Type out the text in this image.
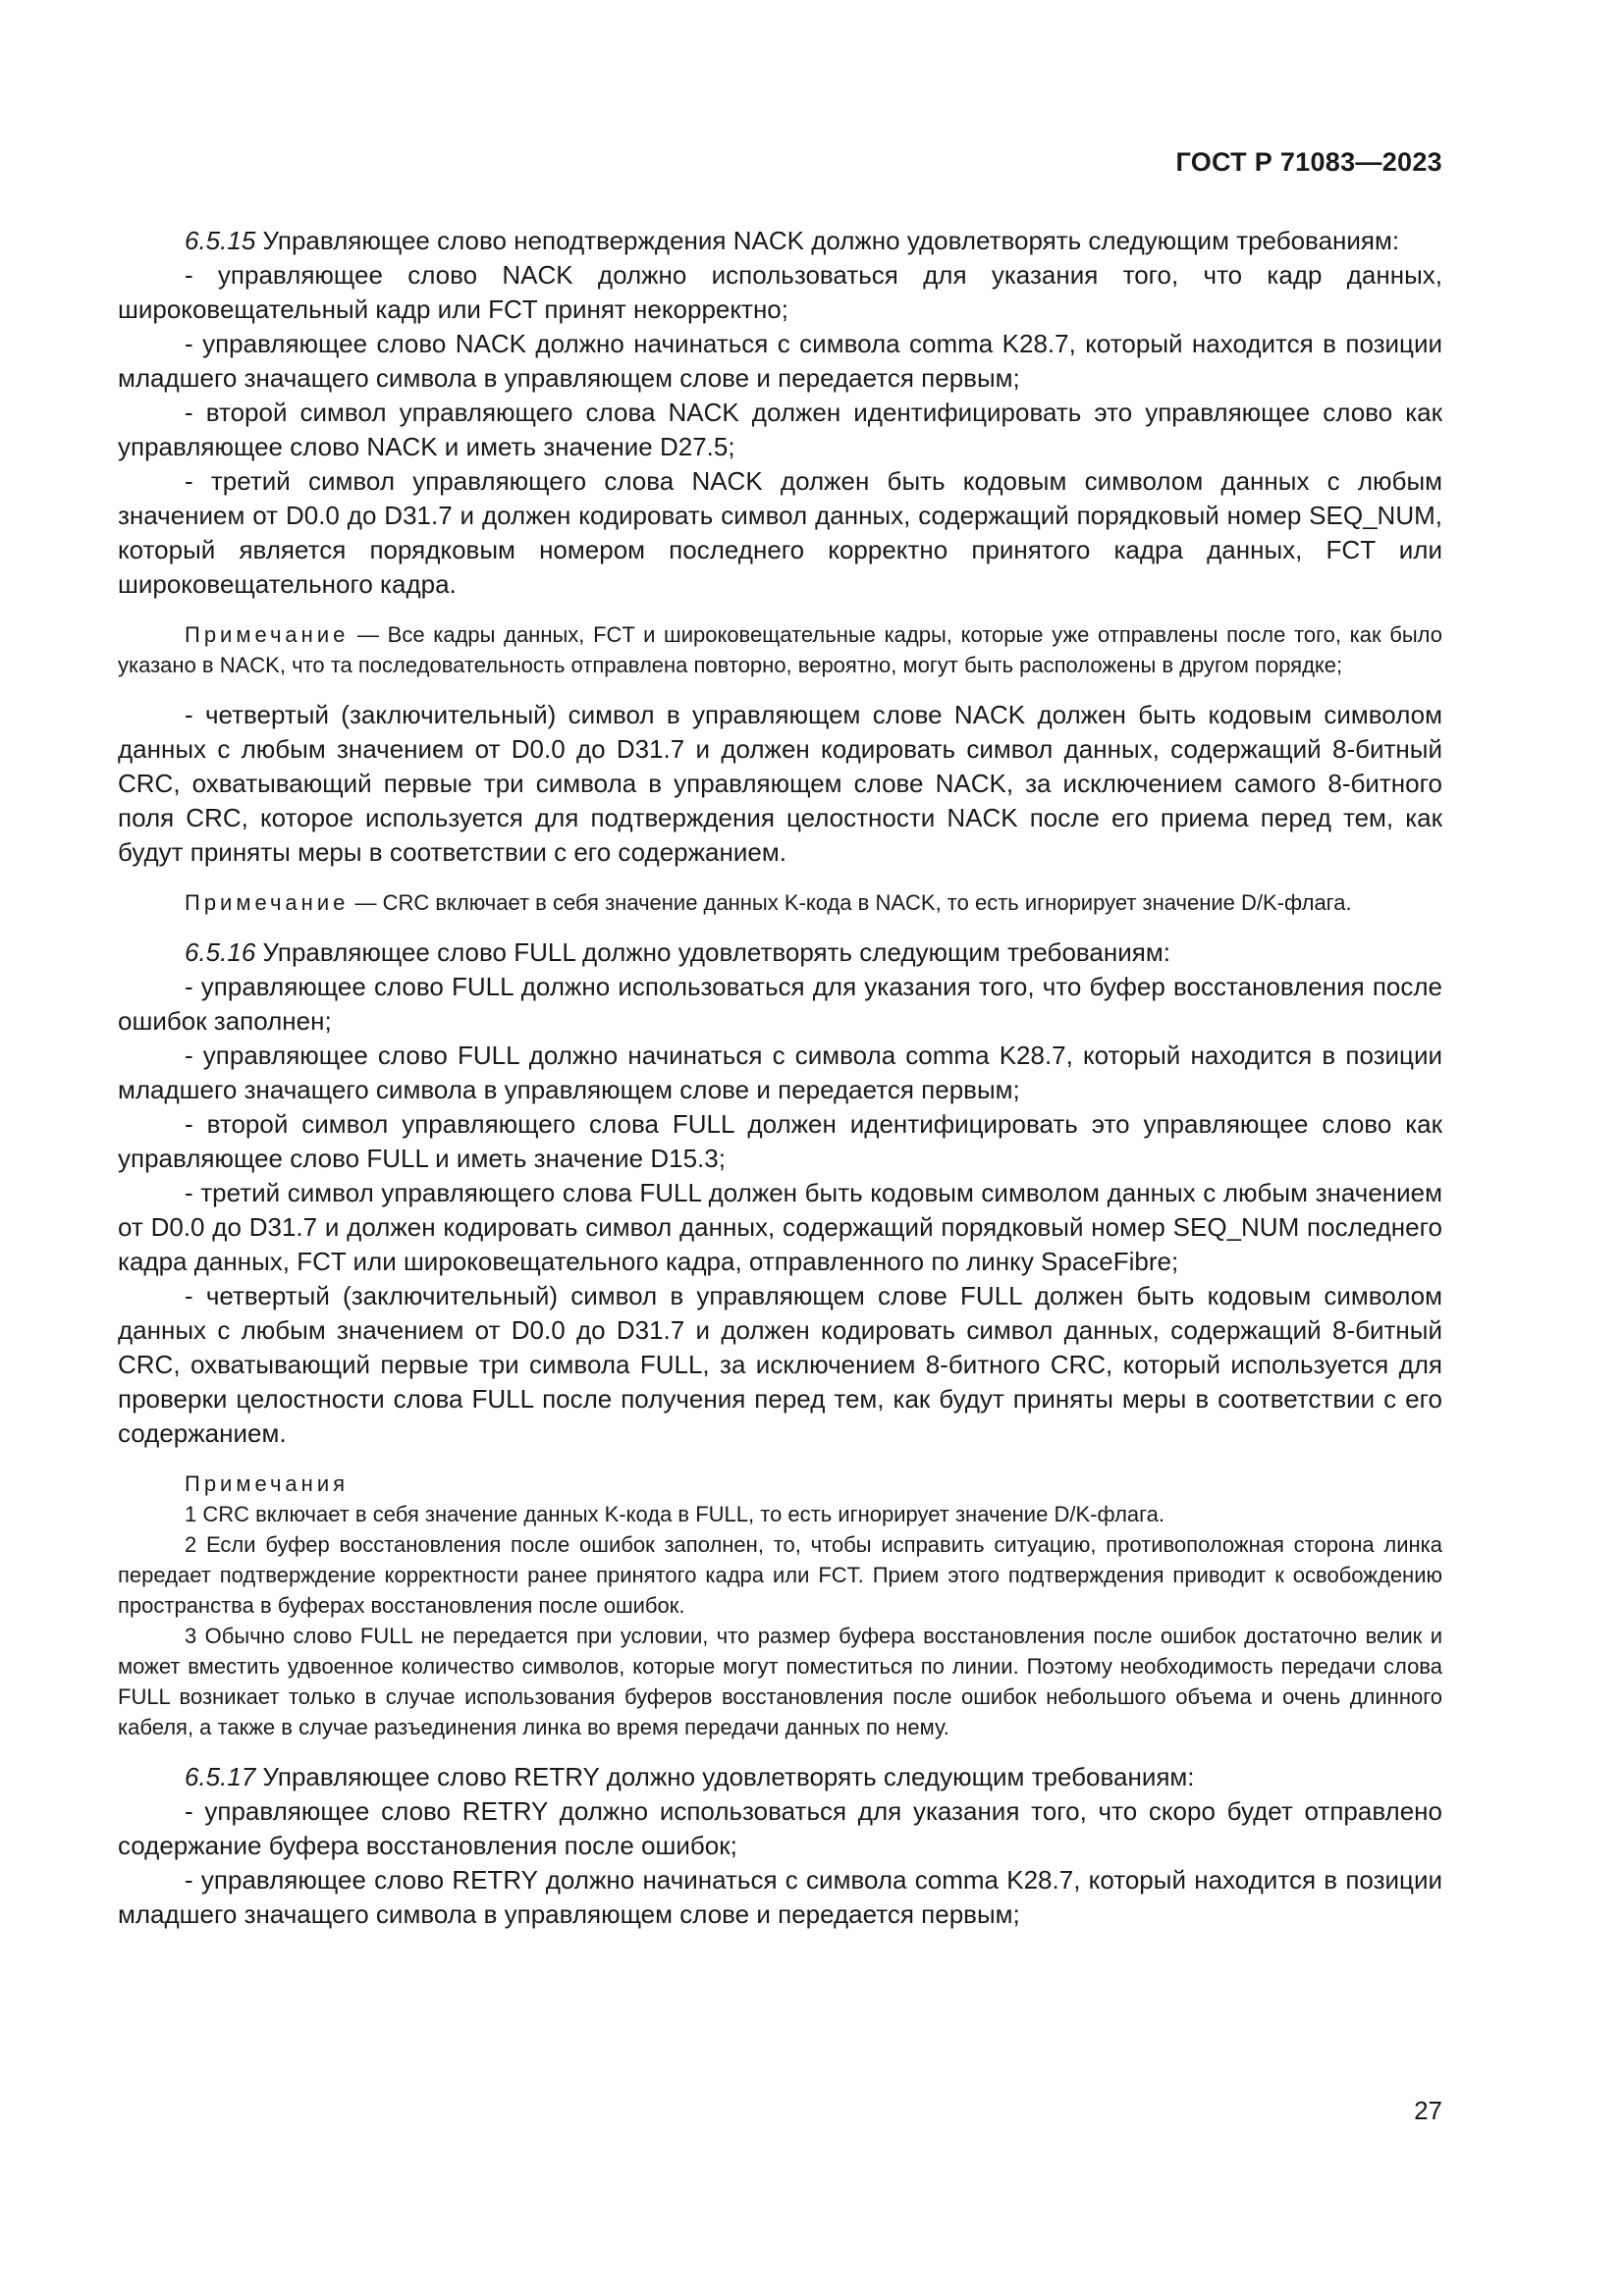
ГОСТ Р 71083—2023

6.5.15 Управляющее слово неподтверждения NACK должно удовлетворять следующим требованиям:

- управляющее слово NACK должно использоваться для указания того, что кадр данных, широковещательный кадр или FCT принят некорректно;

- управляющее слово NACK должно начинаться с символа comma K28.7, который находится в позиции младшего значащего символа в управляющем слове и передается первым;

- второй символ управляющего слова NACK должен идентифицировать это управляющее слово как управляющее слово NACK и иметь значение D27.5;

- третий символ управляющего слова NACK должен быть кодовым символом данных с любым значением от D0.0 до D31.7 и должен кодировать символ данных, содержащий порядковый номер SEQ_NUM, который является порядковым номером последнего корректно принятого кадра данных, FCT или широковещательного кадра.

Примечание — Все кадры данных, FCT и широковещательные кадры, которые уже отправлены после того, как было указано в NACK, что та последовательность отправлена повторно, вероятно, могут быть расположены в другом порядке;

- четвертый (заключительный) символ в управляющем слове NACK должен быть кодовым символом данных с любым значением от D0.0 до D31.7 и должен кодировать символ данных, содержащий 8-битный CRC, охватывающий первые три символа в управляющем слове NACK, за исключением самого 8-битного поля CRC, которое используется для подтверждения целостности NACK после его приема перед тем, как будут приняты меры в соответствии с его содержанием.

Примечание — CRC включает в себя значение данных K-кода в NACK, то есть игнорирует значение D/K-флага.

6.5.16 Управляющее слово FULL должно удовлетворять следующим требованиям:

- управляющее слово FULL должно использоваться для указания того, что буфер восстановления после ошибок заполнен;

- управляющее слово FULL должно начинаться с символа comma K28.7, который находится в позиции младшего значащего символа в управляющем слове и передается первым;

- второй символ управляющего слова FULL должен идентифицировать это управляющее слово как управляющее слово FULL и иметь значение D15.3;

- третий символ управляющего слова FULL должен быть кодовым символом данных с любым значением от D0.0 до D31.7 и должен кодировать символ данных, содержащий порядковый номер SEQ_NUM последнего кадра данных, FCT или широковещательного кадра, отправленного по линку SpaceFibre;

- четвертый (заключительный) символ в управляющем слове FULL должен быть кодовым символом данных с любым значением от D0.0 до D31.7 и должен кодировать символ данных, содержащий 8-битный CRC, охватывающий первые три символа FULL, за исключением 8-битного CRC, который используется для проверки целостности слова FULL после получения перед тем, как будут приняты меры в соответствии с его содержанием.

Примечания

1 CRC включает в себя значение данных K-кода в FULL, то есть игнорирует значение D/K-флага.

2 Если буфер восстановления после ошибок заполнен, то, чтобы исправить ситуацию, противоположная сторона линка передает подтверждение корректности ранее принятого кадра или FCT. Прием этого подтверждения приводит к освобождению пространства в буферах восстановления после ошибок.

3 Обычно слово FULL не передается при условии, что размер буфера восстановления после ошибок достаточно велик и может вместить удвоенное количество символов, которые могут поместиться по линии. Поэтому необходимость передачи слова FULL возникает только в случае использования буферов восстановления после ошибок небольшого объема и очень длинного кабеля, а также в случае разъединения линка во время передачи данных по нему.

6.5.17 Управляющее слово RETRY должно удовлетворять следующим требованиям:

- управляющее слово RETRY должно использоваться для указания того, что скоро будет отправлено содержание буфера восстановления после ошибок;

- управляющее слово RETRY должно начинаться с символа comma K28.7, который находится в позиции младшего значащего символа в управляющем слове и передается первым;

27
